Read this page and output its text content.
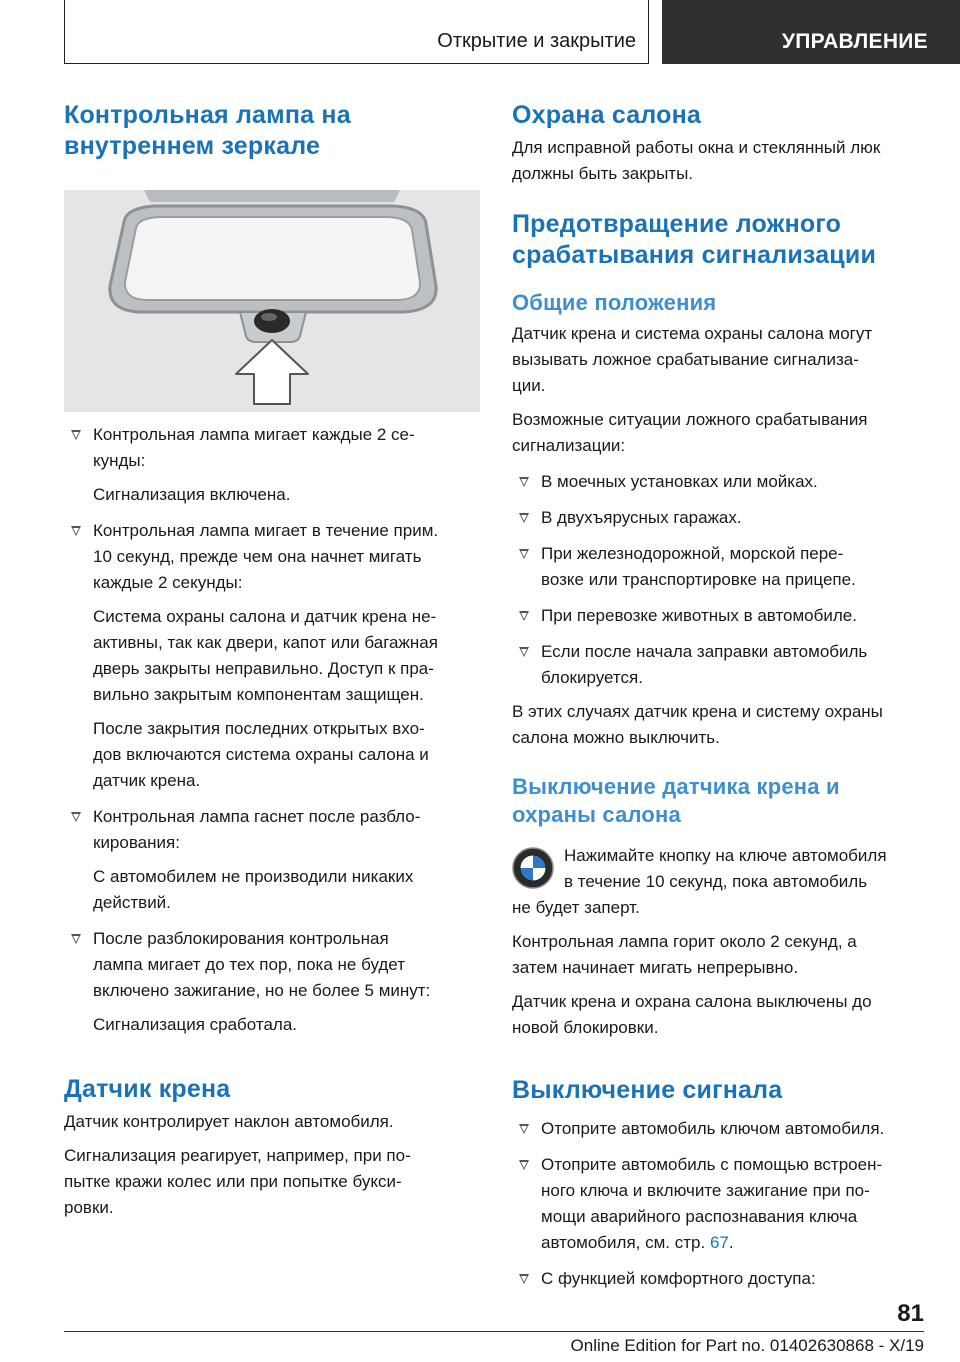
Открытие и закрытие	УПРАВЛЕНИЕ
Контрольная лампа на
внутреннем зеркале
Контрольная лампа мигает каждые 2 се-
кунды:
Сигнализация включена.
Контрольная лампа мигает в течение прим.
10 секунд, прежде чем она начнет мигать
каждые 2 секунды:
Система охраны салона и датчик крена не-
активны, так как двери, капот или багажная
дверь закрыты неправильно. Доступ к пра-
вильно закрытым компонентам защищен.
После закрытия последних открытых вхо-
дов включаются система охраны салона и
датчик крена.
Контрольная лампа гаснет после разбло-
кирования:
С автомобилем не производили никаких
действий.
После разблокирования контрольная
лампа мигает до тех пор, пока не будет
включено зажигание, но не более 5 минут:
Сигнализация сработала.
Датчик крена

Датчик контролирует наклон автомобиля.

Сигнализация реагирует, например, при по-
пытке кражи колес или при попытке букси-
ровки.

Охрана салона

Для исправной работы окна и стеклянный люк
должны быть закрыты.

Предотвращение ложного
срабатывания сигнализации
Общие положения

Датчик крена и система охраны салона могут
вызывать ложное срабатывание сигнализа-
ции.

Возможные ситуации ложного срабатывания
сигнализации:

В моечных установках или мойках.
В двухъярусных гаражах.
При железнодорожной, морской пере-
возке или транспортировке на прицепе.
При перевозке животных в автомобиле.
Если после начала заправки автомобиль
блокируется.

В этих случаях датчик крена и систему охраны
салона можно выключить.

Выключение датчика крена и
охраны салона
Нажимайте кнопку на ключе автомобиля
в течение 10 секунд, пока автомобиль
не будет заперт.

Контрольная лампа горит около 2 секунд, а
затем начинает мигать непрерывно.

Датчик крена и охрана салона выключены до
новой блокировки.

Выключение сигнала
Отоприте автомобиль ключом автомобиля.
Отоприте автомобиль с помощью встроен-
ного ключа и включите зажигание при по-
мощи аварийного распознавания ключа
автомобиля, см. стр. 67.
С функцией комфортного доступа:
81
Online Edition for Part no. 01402630868 - X/19
